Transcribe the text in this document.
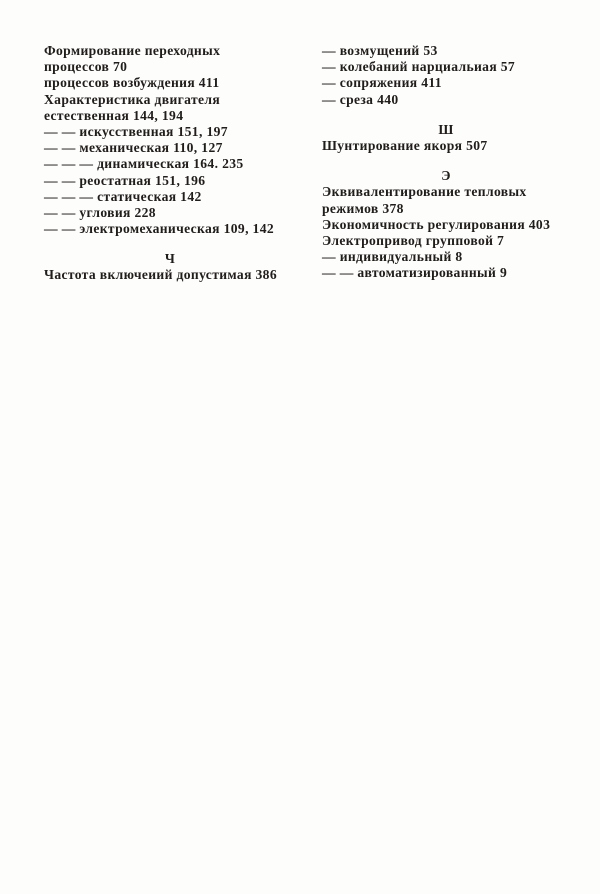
Формирование переходных
процессов 70
процессов возбуждения 411
Характеристика двигателя
естественная 144, 194
— — искусственная 151, 197
— — механическая 110, 127
— — — динамическая 164. 235
— — реостатная 151, 196
— — — статическая 142
— — угловия 228
— — электромеханическая 109, 142
Ч
Частота включеиий допустимая 386
— возмущений 53
— колебаний нарциальиая 57
— сопряжения 411
— среза 440
Ш
Шунтирование якоря 507
Э
Эквивалентирование тепловых
режимов 378
Экономичность регулирования 403
Электропривод групповой 7
— индивидуальный 8
— — автоматизированный 9
